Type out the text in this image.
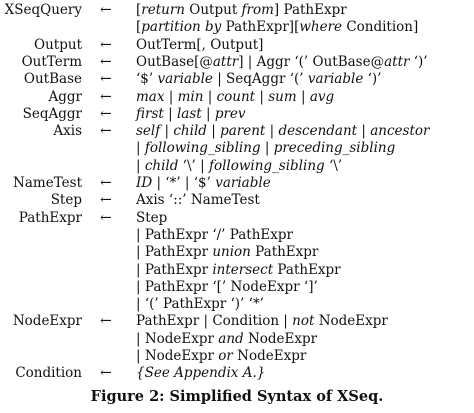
XSeqQuery ← [return Output from] PathExpr
[partition by PathExpr][where Condition]
Output ← OutTerm[, Output]
OutTerm ← OutBase[@attr] | Aggr ‘(’ OutBase@attr ‘)’
OutBase ← ‘$’ variable | SeqAggr ‘(’ variable ‘)’
Aggr ← max | min | count | sum | avg
SeqAggr ← first | last | prev
Axis ← self | child | parent | descendant | ancestor
| following_sibling | preceding_sibling
| child ‘\’ | following_sibling ‘\’
NameTest ← ID | ‘*’ | ‘$’ variable
Step ← Axis ‘::’ NameTest
PathExpr ← Step
| PathExpr ‘/’ PathExpr
| PathExpr union PathExpr
| PathExpr intersect PathExpr
| PathExpr ‘[’ NodeExpr ‘]’
| ‘(’ PathExpr ‘)’ ‘*’
NodeExpr ← PathExpr | Condition | not NodeExpr
| NodeExpr and NodeExpr
| NodeExpr or NodeExpr
Condition ← {See Appendix A.}
Figure 2: Simplified Syntax of XSeq.
